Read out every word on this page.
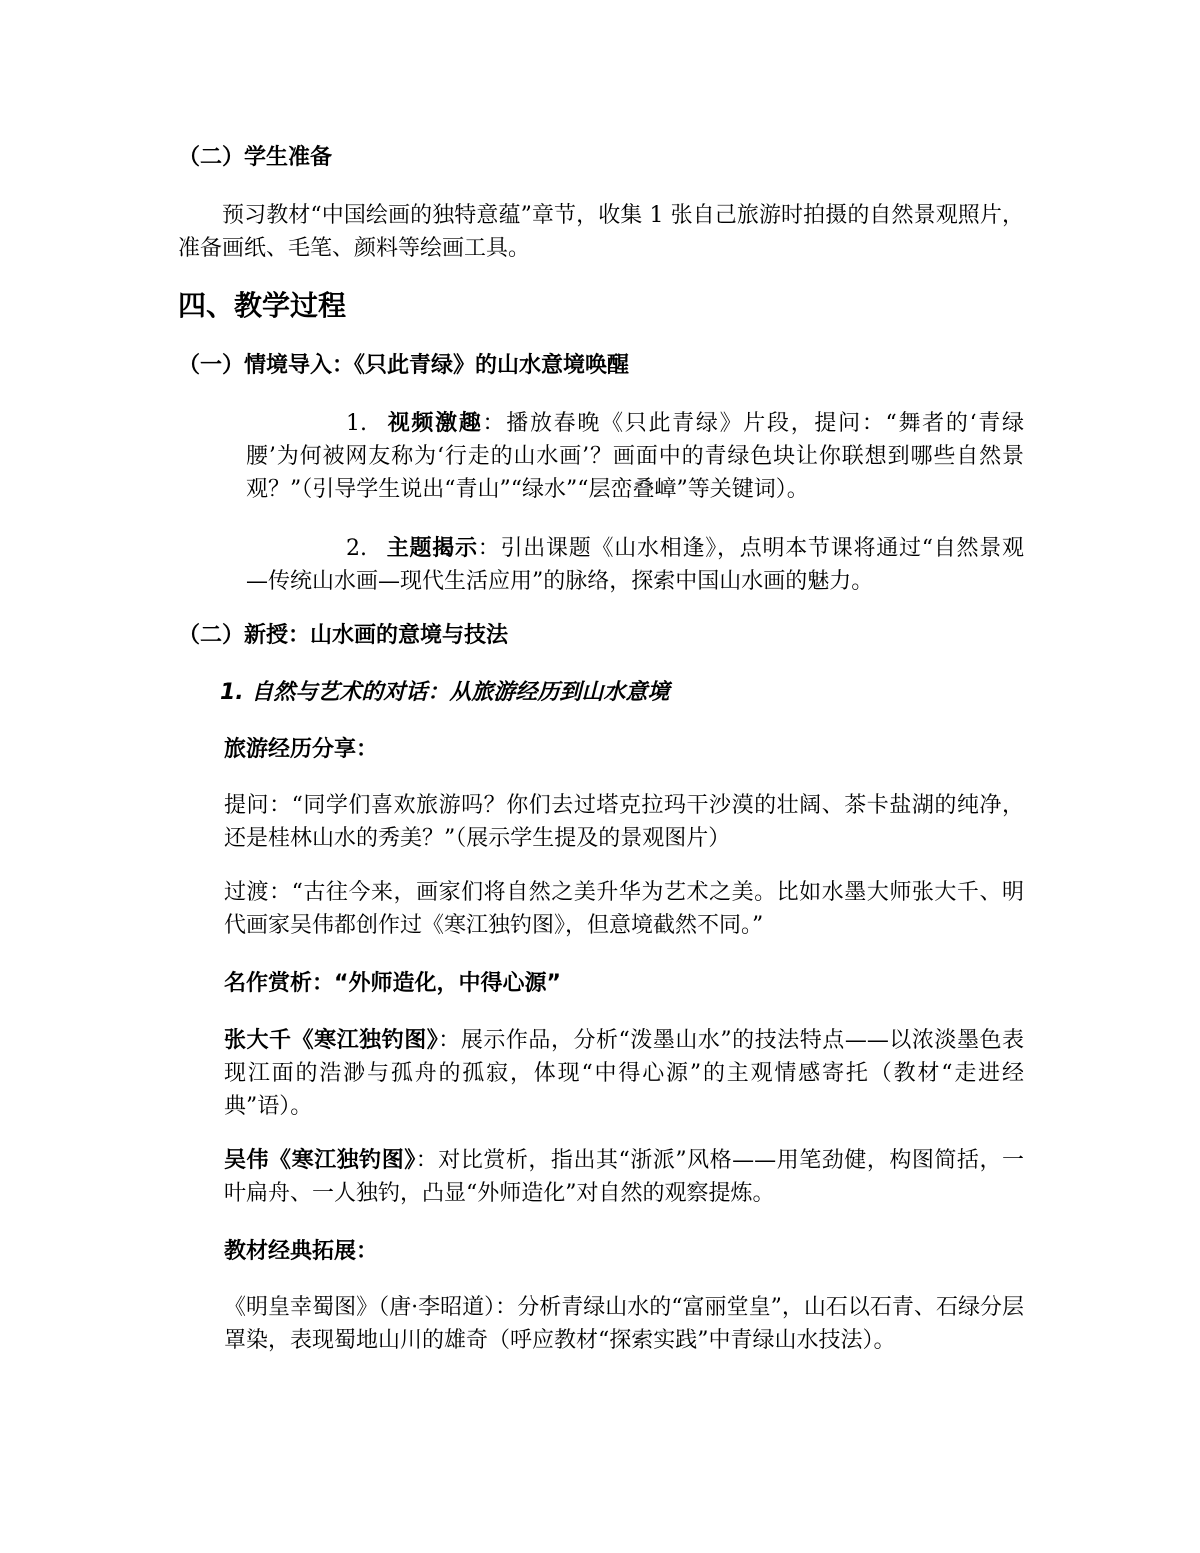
（二）学生准备

预习教材“中国绘画的独特意蕴”章节，收集 1 张自己旅游时拍摄的自然景观照片，准备画纸、毛笔、颜料等绘画工具。

四、教学过程
（一）情境导入：《只此青绿》的山水意境唤醒

1. 视频激趣：播放春晚《只此青绿》片段，提问：“舞者的‘青绿腰’为何被网友称为‘行走的山水画’？画面中的青绿色块让你联想到哪些自然景观？”（引导学生说出“青山”“绿水”“层峦叠嶂”等关键词）。

2. 主题揭示：引出课题《山水相逢》，点明本节课将通过“自然景观—传统山水画—现代生活应用”的脉络，探索中国山水画的魅力。

（二）新授：山水画的意境与技法
1. 自然与艺术的对话：从旅游经历到山水意境
旅游经历分享：

提问：“同学们喜欢旅游吗？你们去过塔克拉玛干沙漠的壮阔、茶卡盐湖的纯净，还是桂林山水的秀美？”（展示学生提及的景观图片）

过渡：“古往今来，画家们将自然之美升华为艺术之美。比如水墨大师张大千、明代画家吴伟都创作过《寒江独钓图》，但意境截然不同。”

名作赏析：“外师造化，中得心源”

张大千《寒江独钓图》：展示作品，分析“泼墨山水”的技法特点——以浓淡墨色表现江面的浩渺与孤舟的孤寂，体现“中得心源”的主观情感寄托（教材“走进经典”语）。

吴伟《寒江独钓图》：对比赏析，指出其“浙派”风格——用笔劲健，构图简括，一叶扁舟、一人独钓，凸显“外师造化”对自然的观察提炼。

教材经典拓展：

《明皇幸蜀图》（唐·李昭道）：分析青绿山水的“富丽堂皇”，山石以石青、石绿分层罩染，表现蜀地山川的雄奇（呼应教材“探索实践”中青绿山水技法）。
